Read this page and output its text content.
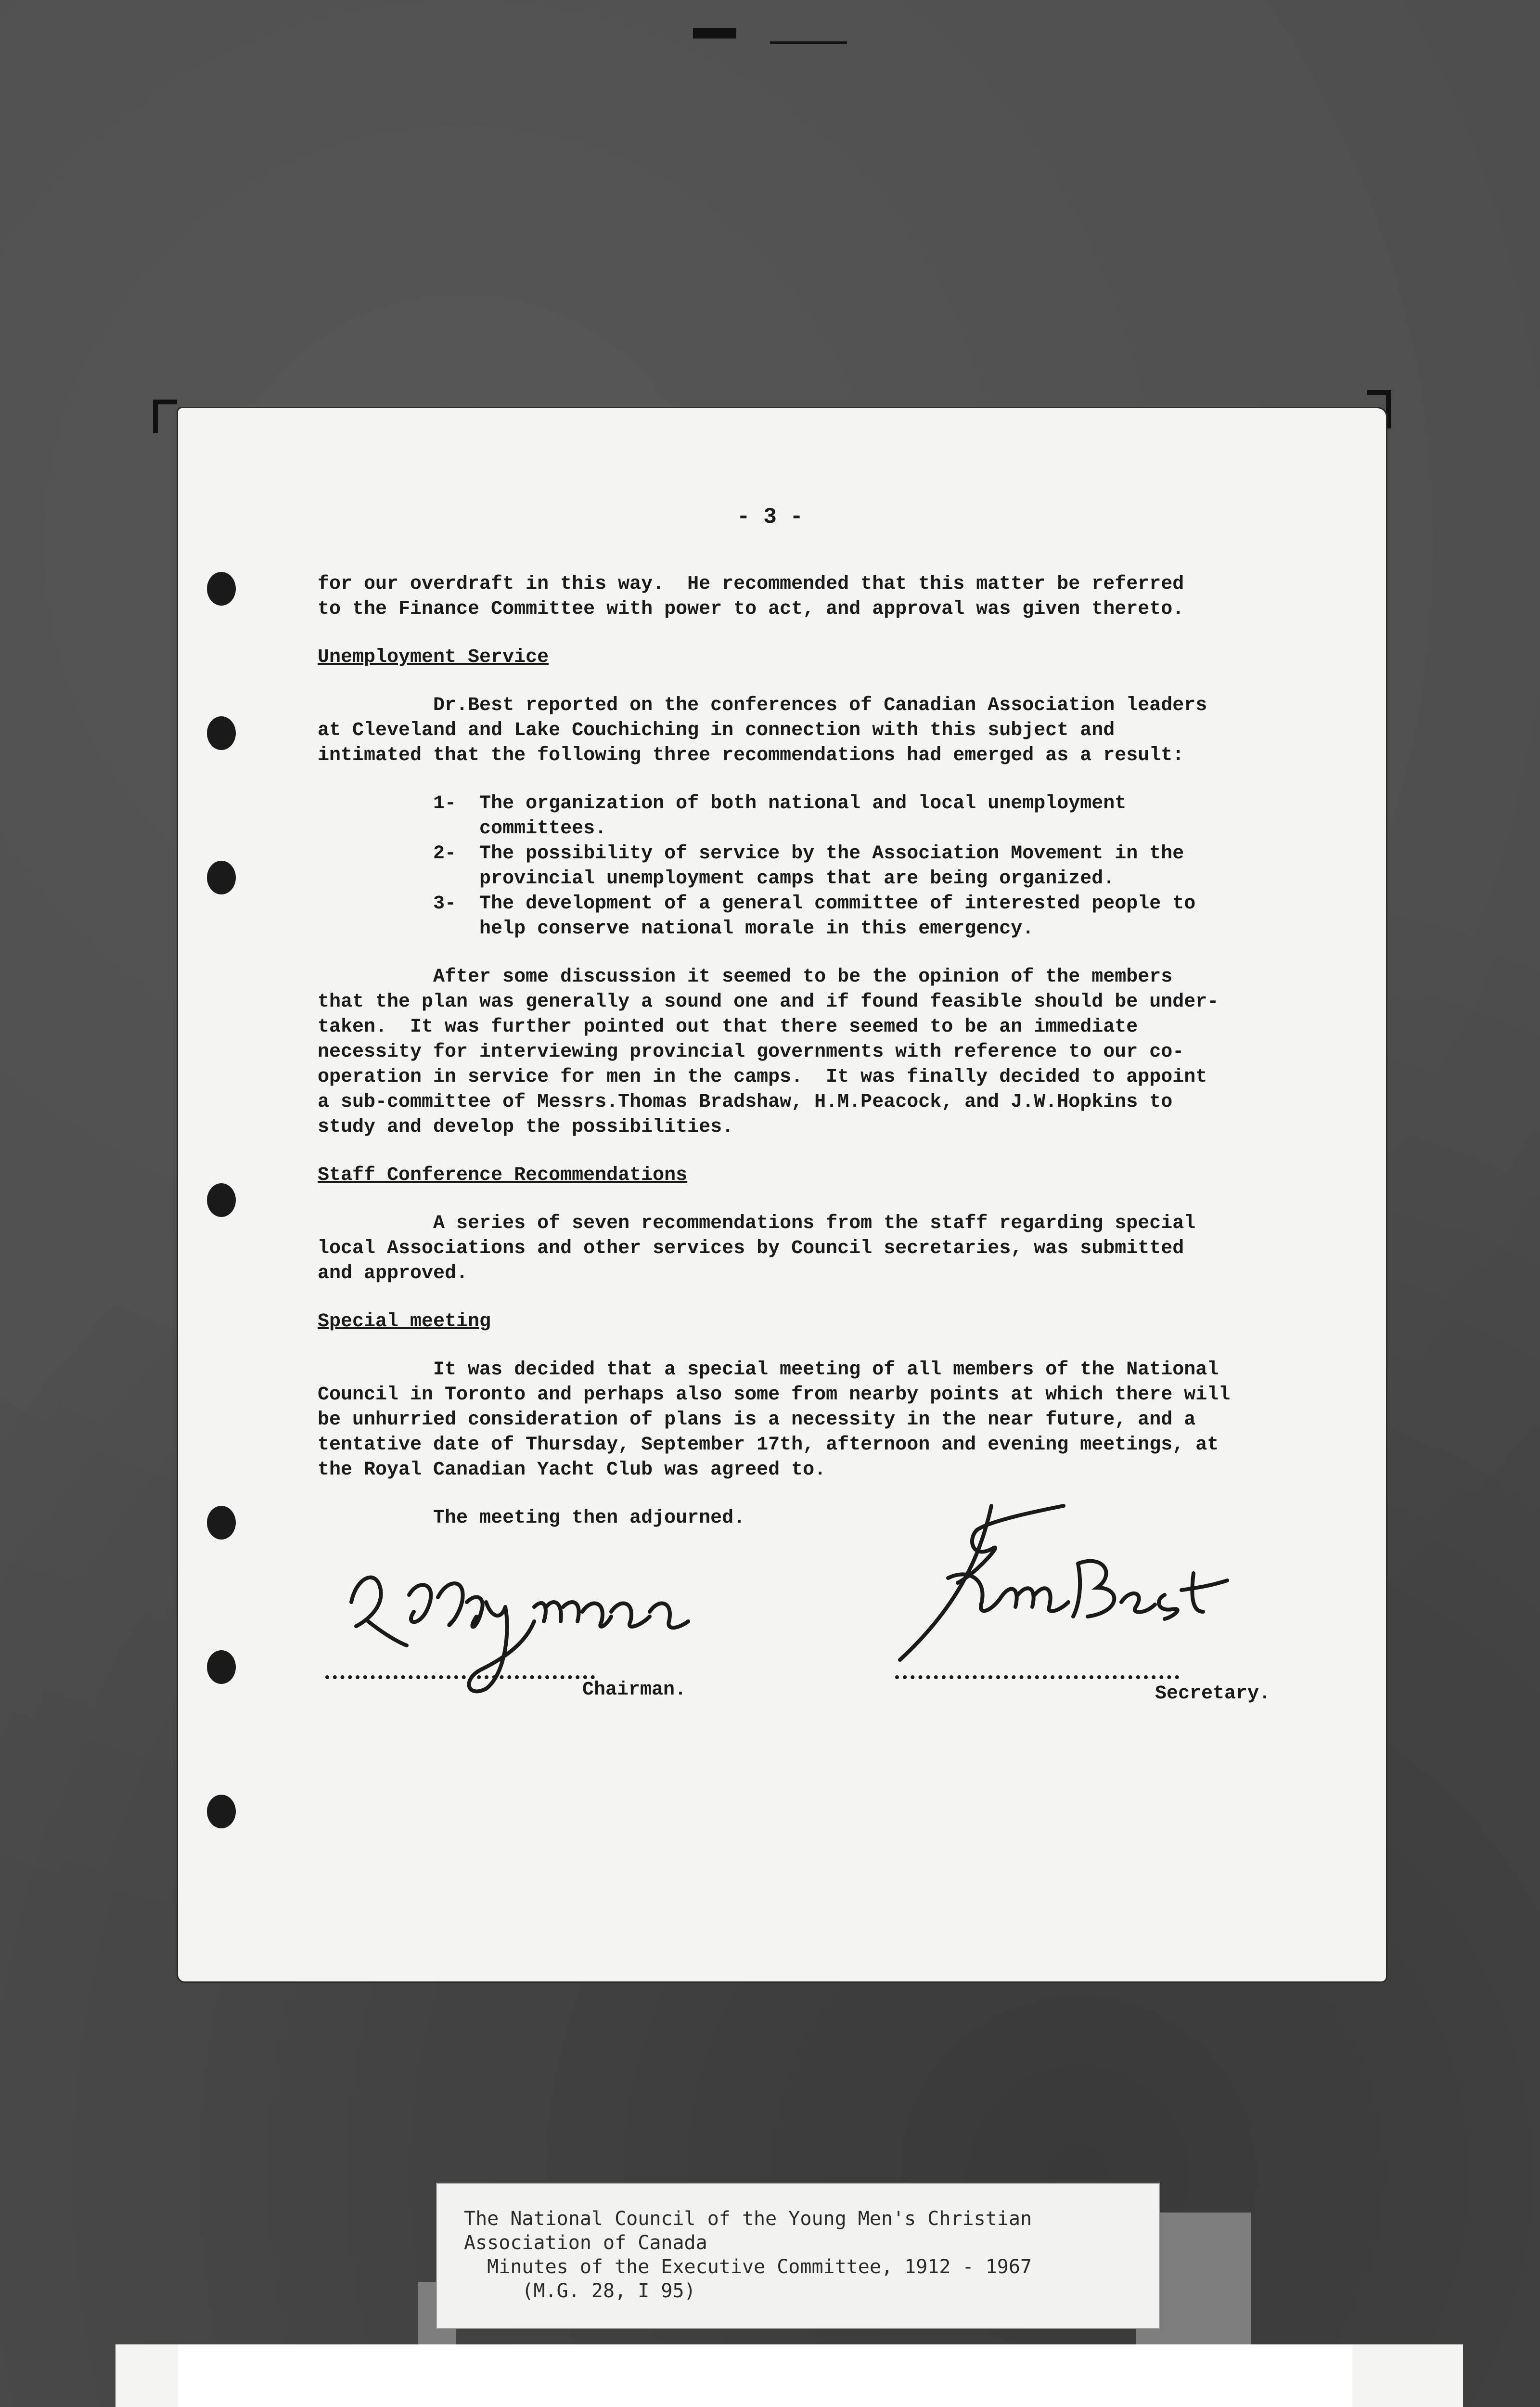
- 3 -
for our overdraft in this way.  He recommended that this matter be referred
to the Finance Committee with power to act, and approval was given thereto.
Unemployment Service
Dr.Best reported on the conferences of Canadian Association leaders
at Cleveland and Lake Couchiching in connection with this subject and
intimated that the following three recommendations had emerged as a result:
1-  The organization of both national and local unemployment
committees.
2-  The possibility of service by the Association Movement in the
provincial unemployment camps that are being organized.
3-  The development of a general committee of interested people to
help conserve national morale in this emergency.
After some discussion it seemed to be the opinion of the members
that the plan was generally a sound one and if found feasible should be under-
taken.  It was further pointed out that there seemed to be an immediate
necessity for interviewing provincial governments with reference to our co-
operation in service for men in the camps.  It was finally decided to appoint
a sub-committee of Messrs.Thomas Bradshaw, H.M.Peacock, and J.W.Hopkins to
study and develop the possibilities.
Staff Conference Recommendations
A series of seven recommendations from the staff regarding special
local Associations and other services by Council secretaries, was submitted
and approved.
Special meeting
It was decided that a special meeting of all members of the National
Council in Toronto and perhaps also some from nearby points at which there will
be unhurried consideration of plans is a necessity in the near future, and a
tentative date of Thursday, September 17th, afternoon and evening meetings, at
the Royal Canadian Yacht Club was agreed to.
The meeting then adjourned.
Chairman.	Secretary.
The National Council of the Young Men's Christian
Association of Canada
Minutes of the Executive Committee, 1912 - 1967
(M.G. 28, I 95)
